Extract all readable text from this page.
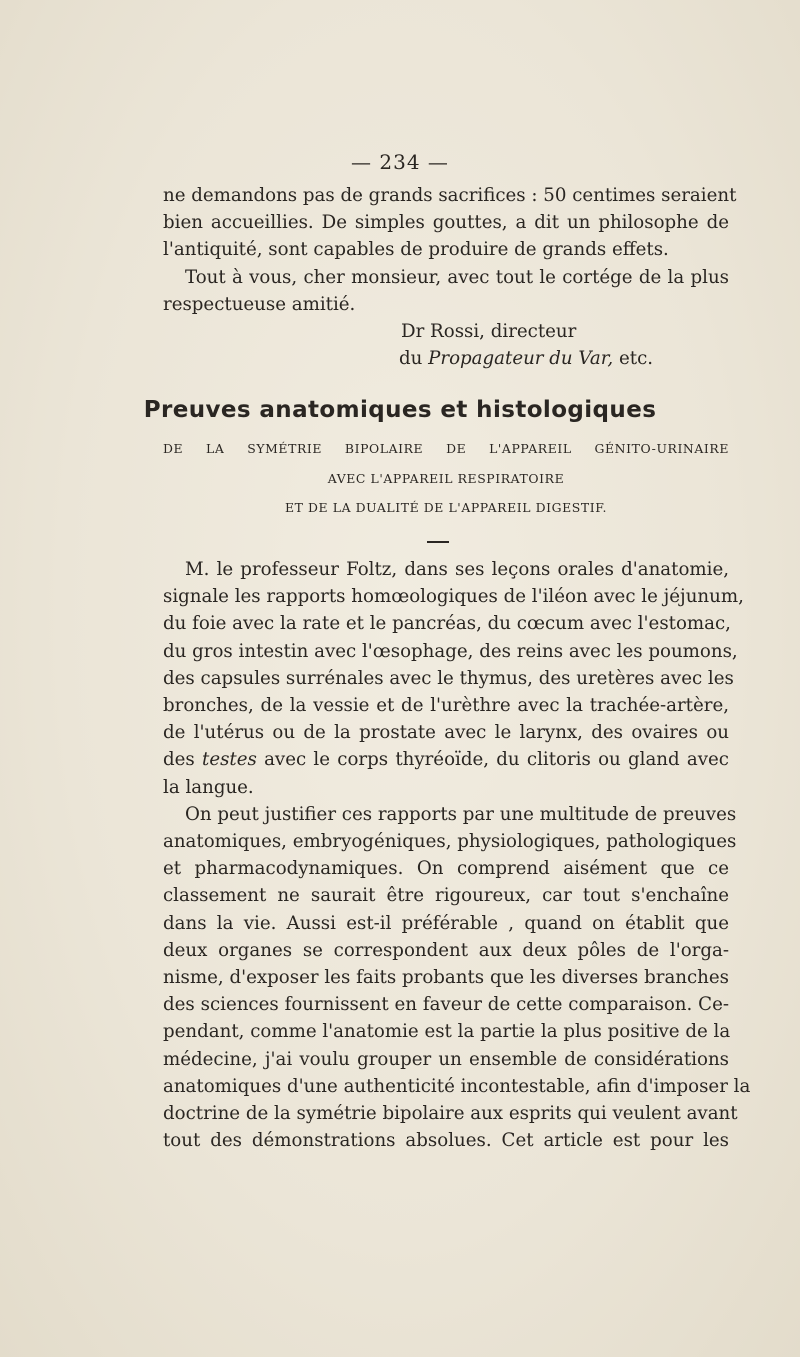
— 234 —
ne demandons pas de grands sacrifices : 50 centimes seraient
bien accueillies. De simples gouttes, a dit un philosophe de
l'antiquité, sont capables de produire de grands effets.
Tout à vous, cher monsieur, avec tout le cortége de la plus
respectueuse amitié.
Dr Rossi, directeur
du Propagateur du Var, etc.
Preuves anatomiques et histologiques
DE LA SYMÉTRIE BIPOLAIRE DE L'APPAREIL GÉNITO-URINAIRE
AVEC L'APPAREIL RESPIRATOIRE
ET DE LA DUALITÉ DE L'APPAREIL DIGESTIF.
M. le professeur Foltz, dans ses leçons orales d'anatomie,
signale les rapports homœologiques de l'iléon avec le jéjunum,
du foie avec la rate et le pancréas, du cœcum avec l'estomac,
du gros intestin avec l'œsophage, des reins avec les poumons,
des capsules surrénales avec le thymus, des uretères avec les
bronches, de la vessie et de l'urèthre avec la trachée-artère,
de l'utérus ou de la prostate avec le larynx, des ovaires ou
des testes avec le corps thyréoïde, du clitoris ou gland avec
la langue.
On peut justifier ces rapports par une multitude de preuves
anatomiques, embryogéniques, physiologiques, pathologiques
et pharmacodynamiques. On comprend aisément que ce
classement ne saurait être rigoureux, car tout s'enchaîne
dans la vie. Aussi est-il préférable , quand on établit que
deux organes se correspondent aux deux pôles de l'orga-
nisme, d'exposer les faits probants que les diverses branches
des sciences fournissent en faveur de cette comparaison. Ce-
pendant, comme l'anatomie est la partie la plus positive de la
médecine, j'ai voulu grouper un ensemble de considérations
anatomiques d'une authenticité incontestable, afin d'imposer la
doctrine de la symétrie bipolaire aux esprits qui veulent avant
tout des démonstrations absolues. Cet article est pour les
